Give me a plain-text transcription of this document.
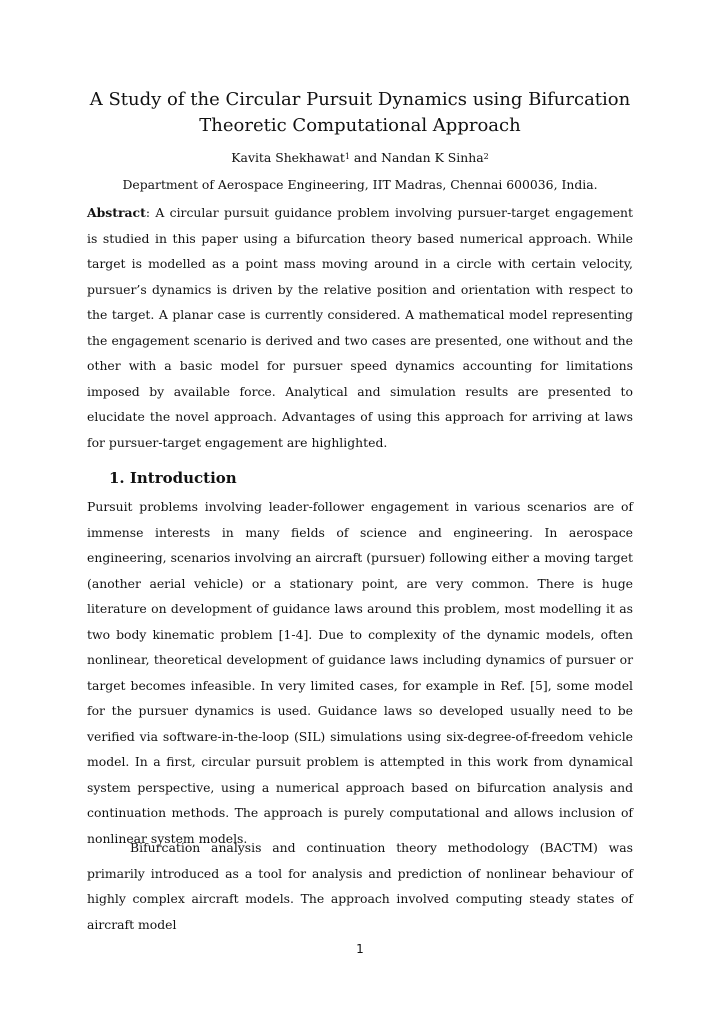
A Study of the Circular Pursuit Dynamics using Bifurcation
Theoretic Computational Approach
Kavita Shekhawat$^1$ and Nandan K Sinha$^2$
Department of Aerospace Engineering, IIT Madras, Chennai 600036, India.

Abstract: A circular pursuit guidance problem involving pursuer-target engagement is studied in this paper using a bifurcation theory based numerical approach. While target is modelled as a point mass moving around in a circle with certain velocity, pursuer’s dynamics is driven by the relative position and orientation with respect to the target. A planar case is currently considered. A mathematical model representing the engagement scenario is derived and two cases are presented, one without and the other with a basic model for pursuer speed dynamics accounting for limitations imposed by available force. Analytical and simulation results are presented to elucidate the novel approach. Advantages of using this approach for arriving at laws for pursuer-target engagement are highlighted.

1. Introduction

Pursuit problems involving leader-follower engagement in various scenarios are of immense interests in many fields of science and engineering. In aerospace engineering, scenarios involving an aircraft (pursuer) following either a moving target (another aerial vehicle) or a stationary point, are very common. There is huge literature on development of guidance laws around this problem, most modelling it as two body kinematic problem [1-4]. Due to complexity of the dynamic models, often nonlinear, theoretical development of guidance laws including dynamics of pursuer or target becomes infeasible. In very limited cases, for example in Ref. [5], some model for the pursuer dynamics is used. Guidance laws so developed usually need to be verified via software-in-the-loop (SIL) simulations using six-degree-of-freedom vehicle model. In a first, circular pursuit problem is attempted in this work from dynamical system perspective, using a numerical approach based on bifurcation analysis and continuation methods. The approach is purely computational and allows inclusion of nonlinear system models.

Bifurcation analysis and continuation theory methodology (BACTM) was primarily introduced as a tool for analysis and prediction of nonlinear behaviour of highly complex aircraft models. The approach involved computing steady states of aircraft model

1
